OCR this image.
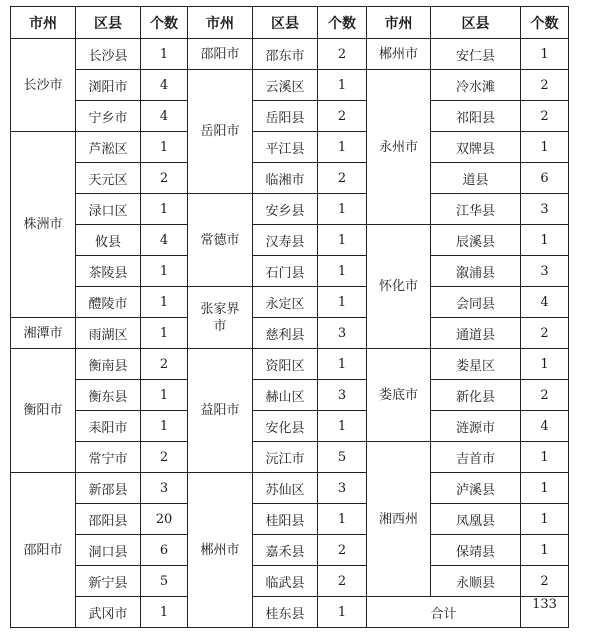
市州	区县	个数	市州	区县	个数	市州	区县	个数

长沙市	长沙县	1	邵阳市	邵东市	2	郴州市	安仁县	1
	浏阳市	4	岳阳市	云溪区	1	永州市	冷水滩	2
	宁乡市	4		岳阳县	2		祁阳县	2

株洲市	芦淞区	1		平江县	1		双牌县	1
	天元区	2		临湘市	2		道县	6
	渌口区	1	常德市	安乡县	1		江华县	3
	攸县	4		汉寿县	1	怀化市	辰溪县	1
	茶陵县	1		石门县	1		溆浦县	3
	醴陵市	1	张家界市	永定区	1		会同县	4

湘潭市	雨湖区	1		慈利县	3		通道县	2

衡阳市	衡南县	2	益阳市	资阳区	1	娄底市	娄星区	1
	衡东县	1		赫山区	3		新化县	2
	耒阳市	1		安化县	1		涟源市	4
	常宁市	2		沅江市	5	湘西州	吉首市	1

邵阳市	新邵县	3	郴州市	苏仙区	3		泸溪县	1
	邵阳县	20		桂阳县	1		凤凰县	1
	洞口县	6		嘉禾县	2		保靖县	1
	新宁县	5		临武县	2		永顺县	2
	武冈市	1		桂东县	1	合计		133
